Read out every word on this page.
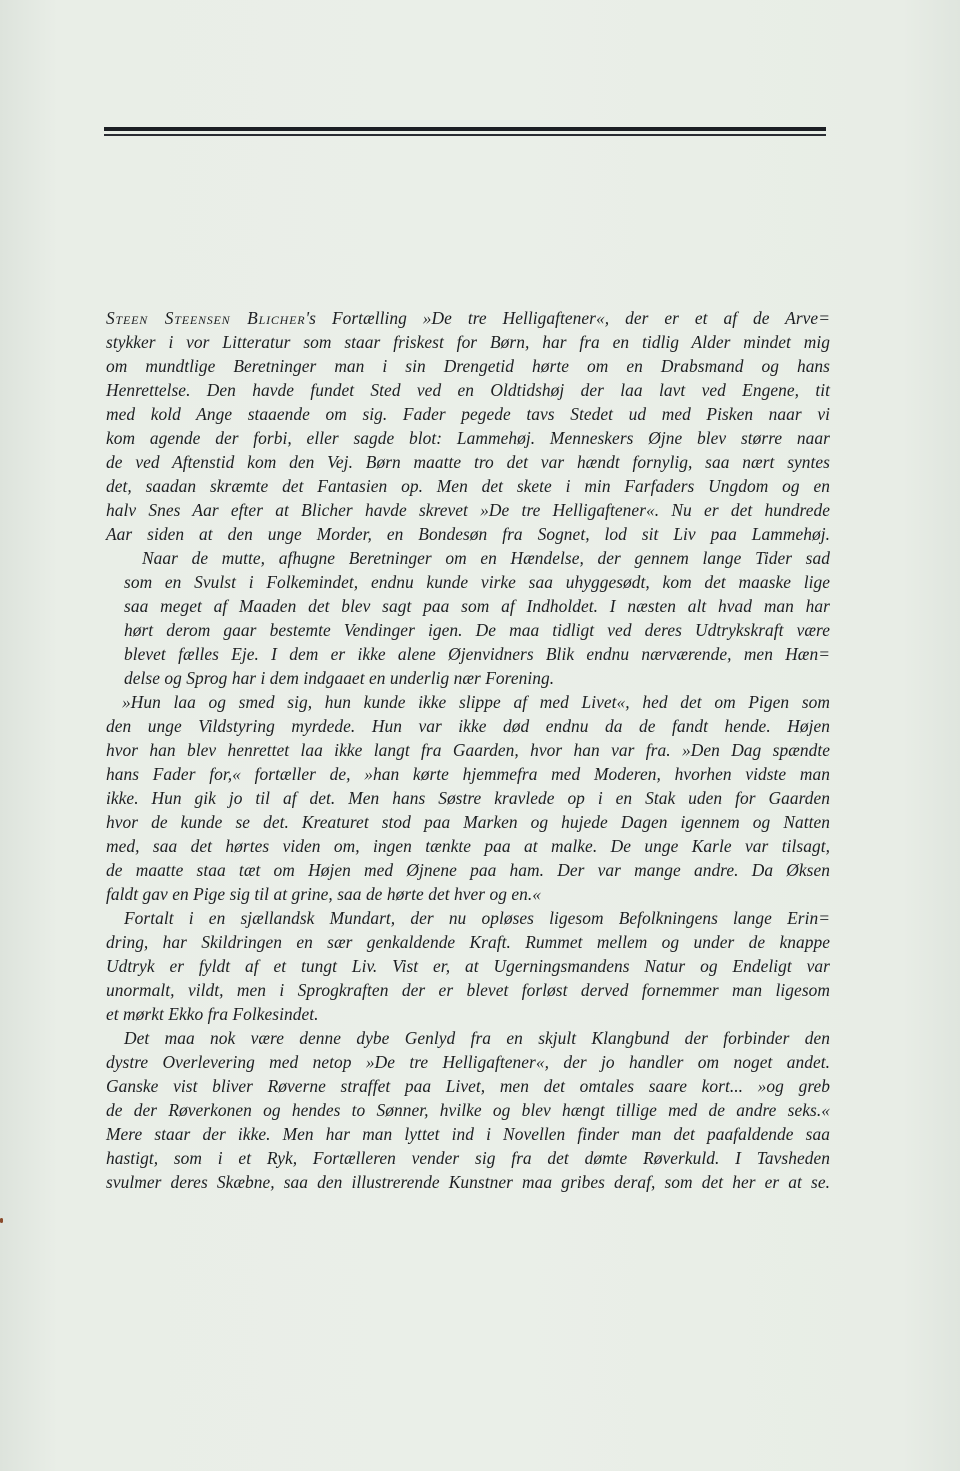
Steen Steensen Blicher's Fortælling »De tre Helligaftener«, der er et af de Arve=
stykker i vor Litteratur som staar friskest for Børn, har fra en tidlig Alder mindet mig
om mundtlige Beretninger man i sin Drengetid hørte om en Drabsmand og hans
Henrettelse. Den havde fundet Sted ved en Oldtidshøj der laa lavt ved Engene, tit
med kold Ange staaende om sig. Fader pegede tavs Stedet ud med Pisken naar vi
kom agende der forbi, eller sagde blot: Lammehøj. Menneskers Øjne blev større naar
de ved Aftenstid kom den Vej. Børn maatte tro det var hændt fornylig, saa nært syntes
det, saadan skræmte det Fantasien op. Men det skete i min Farfaders Ungdom og en
halv Snes Aar efter at Blicher havde skrevet »De tre Helligaftener«. Nu er det hundrede
Aar siden at den unge Morder, en Bondesøn fra Sognet, lod sit Liv paa Lammehøj.

Naar de mutte, afhugne Beretninger om en Hændelse, der gennem lange Tider sad
som en Svulst i Folkemindet, endnu kunde virke saa uhyggesødt, kom det maaske lige
saa meget af Maaden det blev sagt paa som af Indholdet. I næsten alt hvad man har
hørt derom gaar bestemte Vendinger igen. De maa tidligt ved deres Udtrykskraft være
blevet fælles Eje. I dem er ikke alene Øjenvidners Blik endnu nærværende, men Hæn=
delse og Sprog har i dem indgaaet en underlig nær Forening.

»Hun laa og smed sig, hun kunde ikke slippe af med Livet«, hed det om Pigen som
den unge Vildstyring myrdede. Hun var ikke død endnu da de fandt hende. Højen
hvor han blev henrettet laa ikke langt fra Gaarden, hvor han var fra. »Den Dag spændte
hans Fader for,« fortæller de, »han kørte hjemmefra med Moderen, hvorhen vidste man
ikke. Hun gik jo til af det. Men hans Søstre kravlede op i en Stak uden for Gaarden
hvor de kunde se det. Kreaturet stod paa Marken og hujede Dagen igennem og Natten
med, saa det hørtes viden om, ingen tænkte paa at malke. De unge Karle var tilsagt,
de maatte staa tæt om Højen med Øjnene paa ham. Der var mange andre. Da Øksen
faldt gav en Pige sig til at grine, saa de hørte det hver og en.«

Fortalt i en sjællandsk Mundart, der nu opløses ligesom Befolkningens lange Erin=
dring, har Skildringen en sær genkaldende Kraft. Rummet mellem og under de knappe
Udtryk er fyldt af et tungt Liv. Vist er, at Ugerningsmandens Natur og Endeligt var
unormalt, vildt, men i Sprogkraften der er blevet forløst derved fornemmer man ligesom
et mørkt Ekko fra Folkesindet.

Det maa nok være denne dybe Genlyd fra en skjult Klangbund der forbinder den
dystre Overlevering med netop »De tre Helligaftener«, der jo handler om noget andet.
Ganske vist bliver Røverne straffet paa Livet, men det omtales saare kort... »og greb
de der Røverkonen og hendes to Sønner, hvilke og blev hængt tillige med de andre seks.«
Mere staar der ikke. Men har man lyttet ind i Novellen finder man det paafaldende saa
hastigt, som i et Ryk, Fortælleren vender sig fra det dømte Røverkuld. I Tavsheden
svulmer deres Skæbne, saa den illustrerende Kunstner maa gribes deraf, som det her er at se.
